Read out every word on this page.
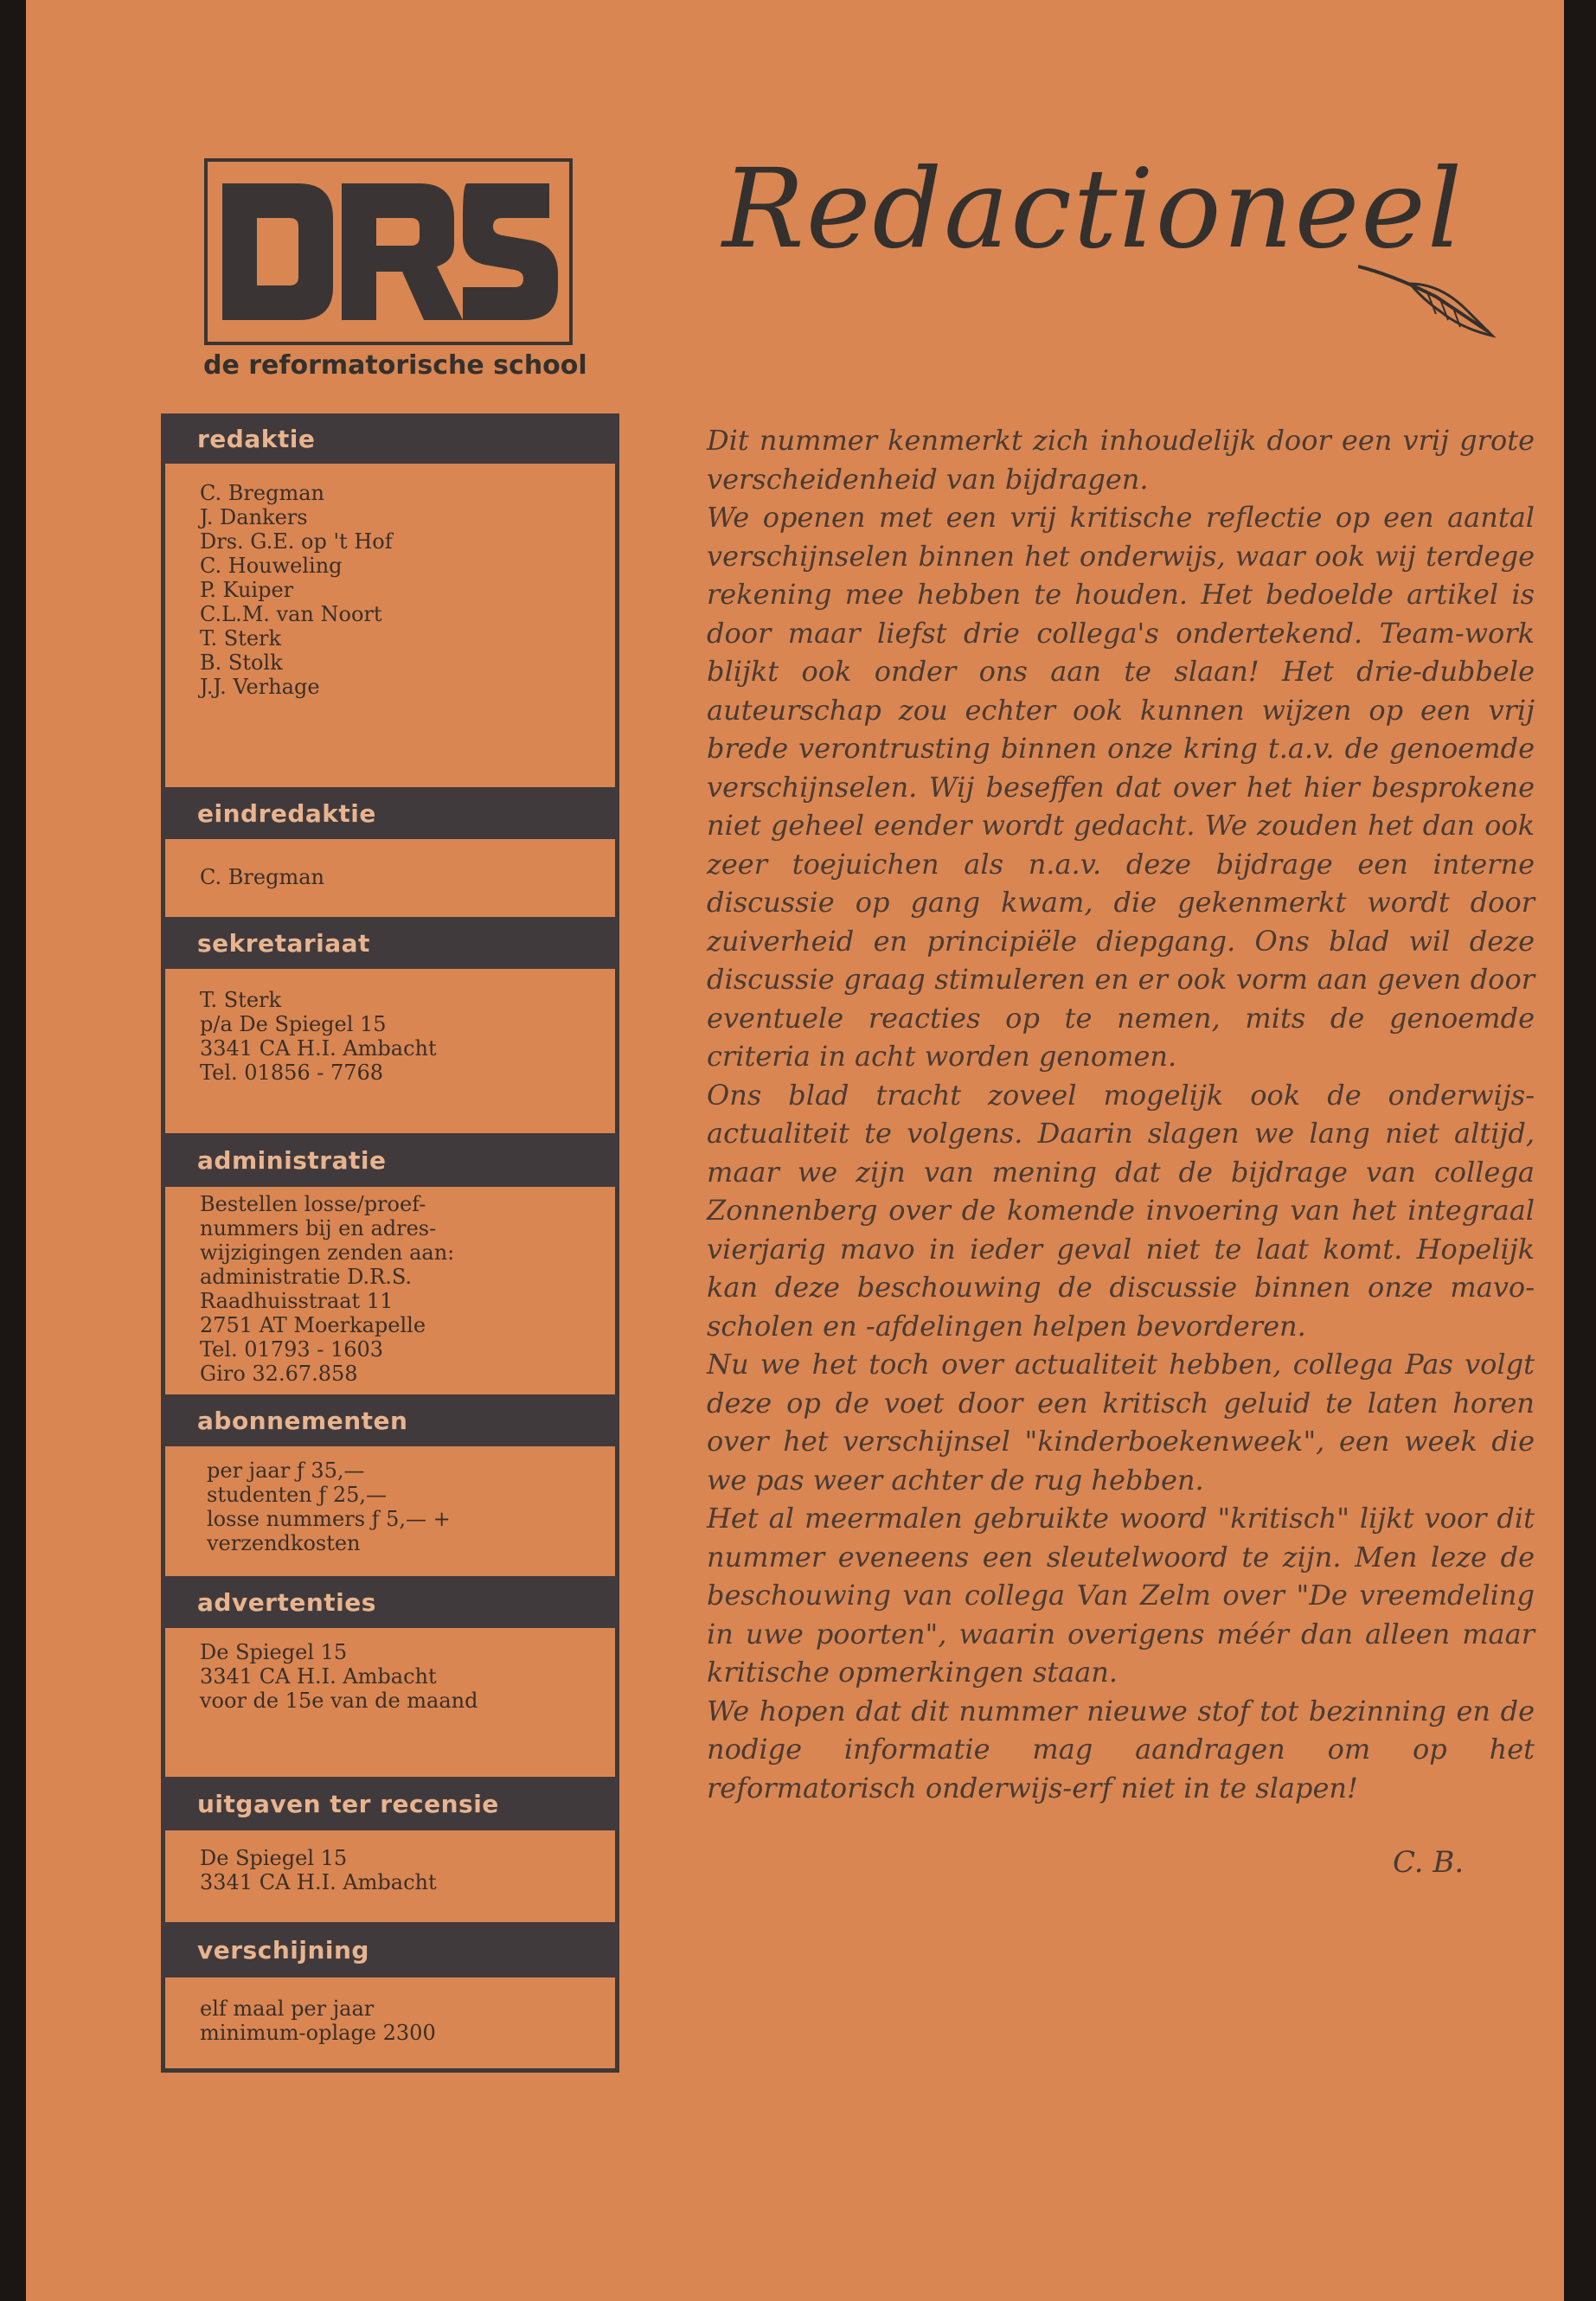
de reformatorische school
Redactioneel
redaktie
C. Bregman
J. Dankers
Drs. G.E. op 't Hof
C. Houweling
P. Kuiper
C.L.M. van Noort
T. Sterk
B. Stolk
J.J. Verhage
eindredaktie
C. Bregman
sekretariaat
T. Sterk
p/a De Spiegel 15
3341 CA H.I. Ambacht
Tel. 01856 - 7768
administratie
Bestellen losse/proef-
nummers bij en adres-
wijzigingen zenden aan:
administratie D.R.S.
Raadhuisstraat 11
2751 AT Moerkapelle
Tel. 01793 - 1603
Giro 32.67.858
abonnementen
per jaar ƒ 35,—
studenten ƒ 25,—
losse nummers ƒ 5,— +
verzendkosten
advertenties
De Spiegel 15
3341 CA H.I. Ambacht
voor de 15e van de maand
uitgaven ter recensie
De Spiegel 15
3341 CA H.I. Ambacht
verschijning
elf maal per jaar
minimum-oplage 2300

Dit nummer kenmerkt zich inhoudelijk door een vrij grote verscheidenheid van bijdragen.

We openen met een vrij kritische reflectie op een aantal verschijnselen binnen het onderwijs, waar ook wij terdege rekening mee hebben te houden. Het bedoelde artikel is door maar liefst drie collega's ondertekend. Team-work blijkt ook onder ons aan te slaan! Het drie-dubbele auteurschap zou echter ook kunnen wijzen op een vrij brede verontrusting binnen onze kring t.a.v. de genoemde verschijnselen. Wij beseffen dat over het hier besprokene niet geheel eender wordt gedacht. We zouden het dan ook zeer toejuichen als n.a.v. deze bijdrage een interne discussie op gang kwam, die gekenmerkt wordt door zuiverheid en principiële diepgang. Ons blad wil deze discussie graag stimuleren en er ook vorm aan geven door eventuele reacties op te nemen, mits de genoemde criteria in acht worden genomen.

Ons blad tracht zoveel mogelijk ook de onderwijs-actualiteit te volgens. Daarin slagen we lang niet altijd, maar we zijn van mening dat de bijdrage van collega Zonnenberg over de komende invoering van het integraal vierjarig mavo in ieder geval niet te laat komt. Hopelijk kan deze beschouwing de discussie binnen onze mavo-scholen en -afdelingen helpen bevorderen.

Nu we het toch over actualiteit hebben, collega Pas volgt deze op de voet door een kritisch geluid te laten horen over het verschijnsel "kinderboekenweek", een week die we pas weer achter de rug hebben.

Het al meermalen gebruikte woord "kritisch" lijkt voor dit nummer eveneens een sleutelwoord te zijn. Men leze de beschouwing van collega Van Zelm over "De vreemdeling in uwe poorten", waarin overigens méér dan alleen maar kritische opmerkingen staan.

We hopen dat dit nummer nieuwe stof tot bezinning en de nodige informatie mag aandragen om op het reformatorisch onderwijs-erf niet in te slapen!

C. B.
